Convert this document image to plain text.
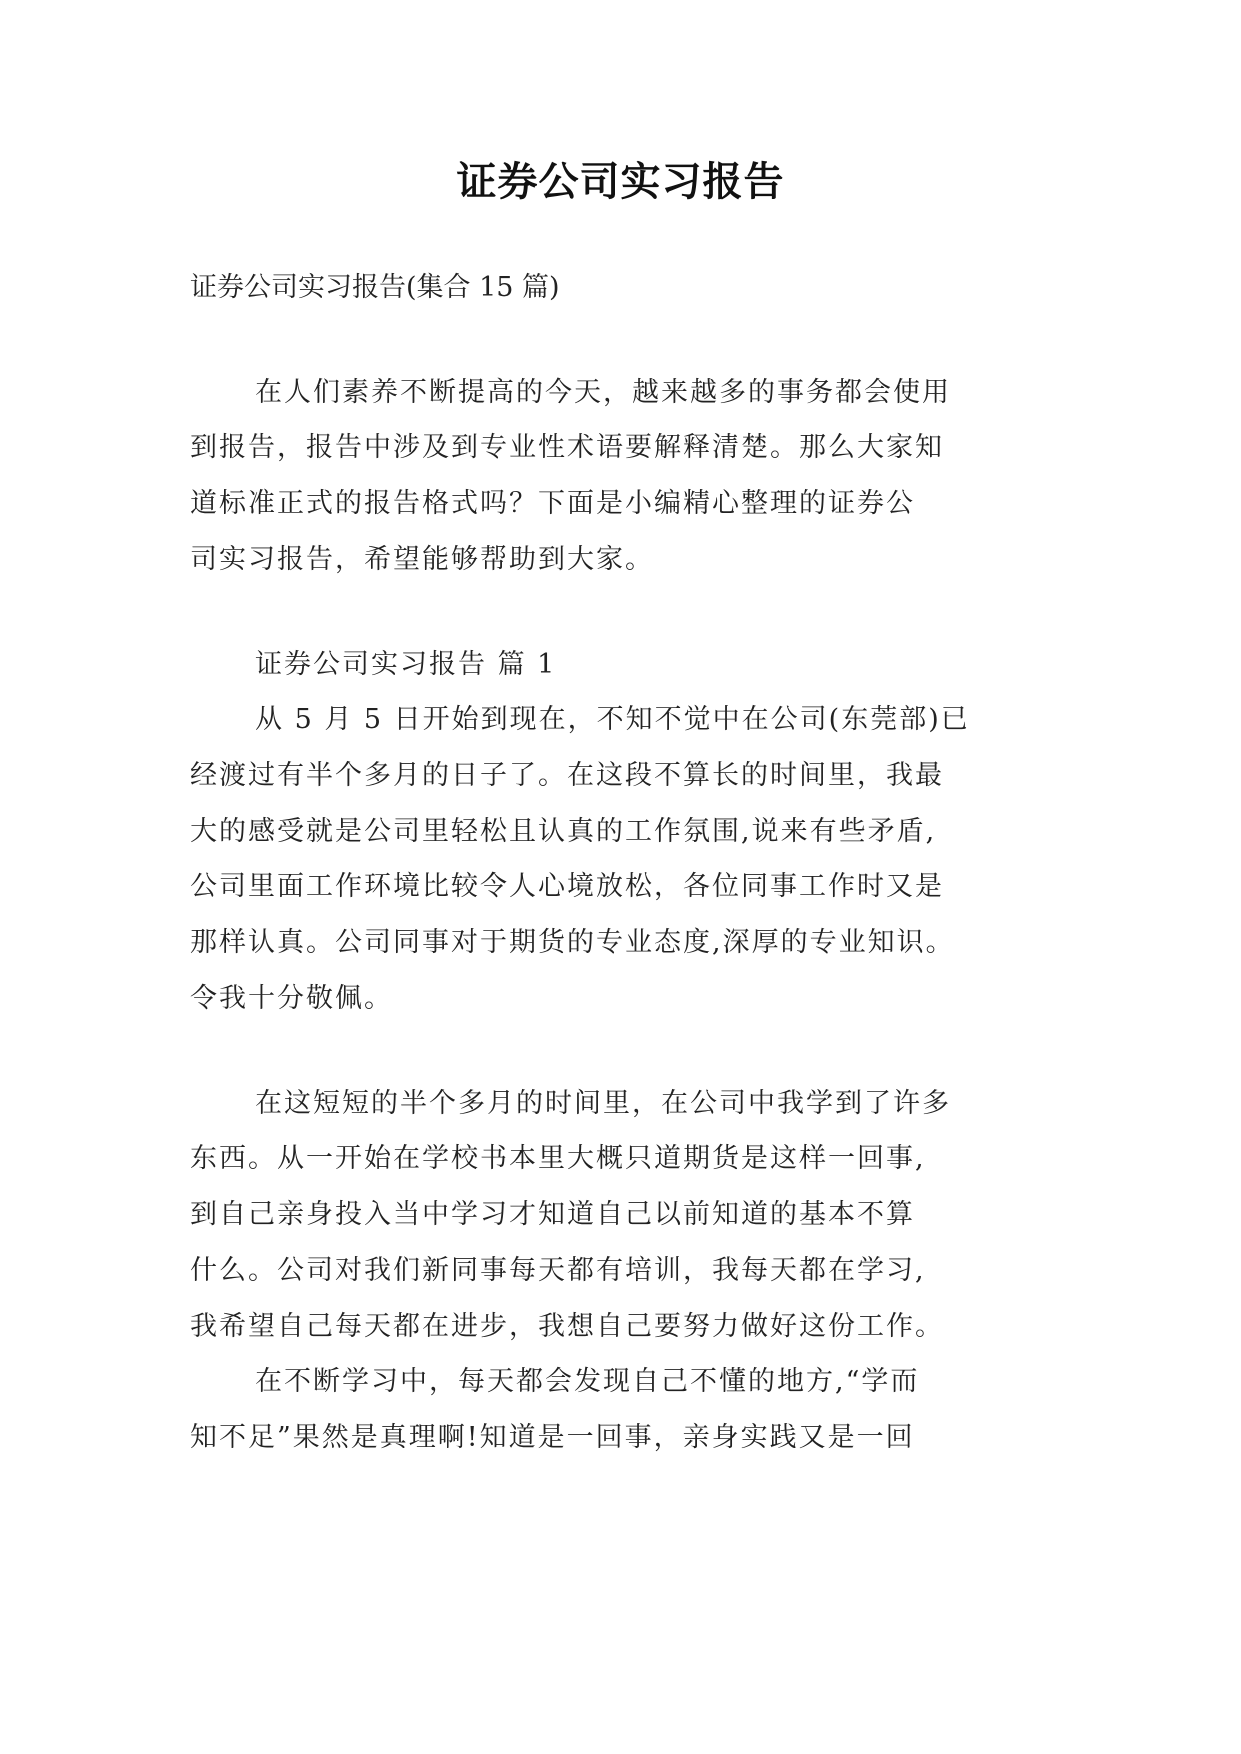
证券公司实习报告

证券公司实习报告(集合 15 篇)

在人们素养不断提高的今天，越来越多的事务都会使用

到报告，报告中涉及到专业性术语要解释清楚。那么大家知

道标准正式的报告格式吗？下面是小编精心整理的证券公

司实习报告，希望能够帮助到大家。

证券公司实习报告 篇 1

从 5 月 5 日开始到现在，不知不觉中在公司(东莞部)已

经渡过有半个多月的日子了。在这段不算长的时间里，我最

大的感受就是公司里轻松且认真的工作氛围,说来有些矛盾,

公司里面工作环境比较令人心境放松，各位同事工作时又是

那样认真。公司同事对于期货的专业态度,深厚的专业知识。

令我十分敬佩。

在这短短的半个多月的时间里，在公司中我学到了许多

东西。从一开始在学校书本里大概只道期货是这样一回事,

到自己亲身投入当中学习才知道自己以前知道的基本不算

什么。公司对我们新同事每天都有培训，我每天都在学习,

我希望自己每天都在进步，我想自己要努力做好这份工作。

在不断学习中，每天都会发现自己不懂的地方,“学而

知不足”果然是真理啊!知道是一回事，亲身实践又是一回
